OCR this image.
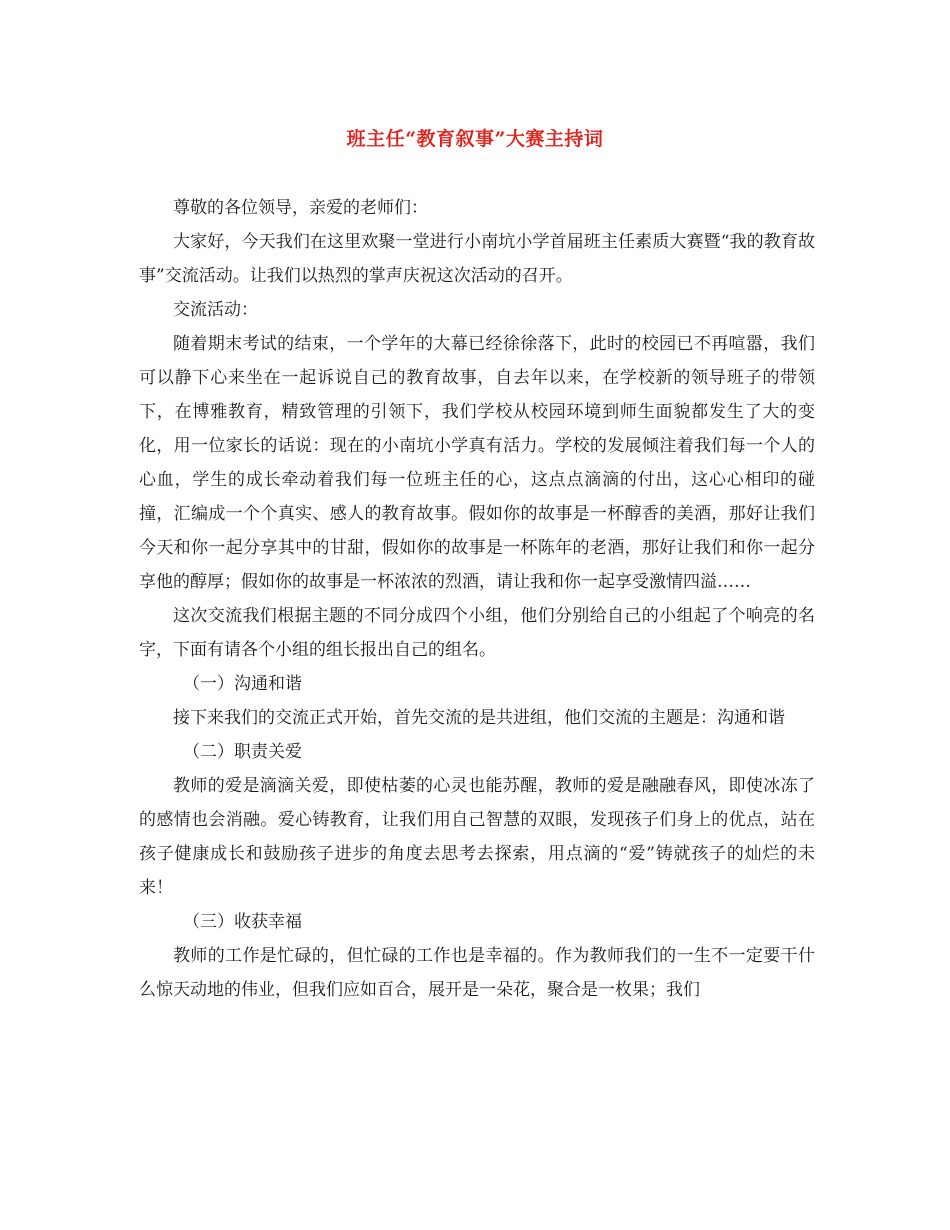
班主任“教育叙事”大赛主持词

尊敬的各位领导，亲爱的老师们：

大家好，今天我们在这里欢聚一堂进行小南坑小学首届班主任素质大赛暨“我的教育故事”交流活动。让我们以热烈的掌声庆祝这次活动的召开。

交流活动：

随着期末考试的结束，一个学年的大幕已经徐徐落下，此时的校园已不再喧嚣，我们可以静下心来坐在一起诉说自己的教育故事，自去年以来，在学校新的领导班子的带领下，在博雅教育，精致管理的引领下，我们学校从校园环境到师生面貌都发生了大的变化，用一位家长的话说：现在的小南坑小学真有活力。学校的发展倾注着我们每一个人的心血，学生的成长牵动着我们每一位班主任的心，这点点滴滴的付出，这心心相印的碰撞，汇编成一个个真实、感人的教育故事。假如你的故事是一杯醇香的美酒，那好让我们今天和你一起分享其中的甘甜，假如你的故事是一杯陈年的老酒，那好让我们和你一起分享他的醇厚；假如你的故事是一杯浓浓的烈酒，请让我和你一起享受激情四溢……

这次交流我们根据主题的不同分成四个小组，他们分别给自己的小组起了个响亮的名字，下面有请各个小组的组长报出自己的组名。

（一）沟通和谐

接下来我们的交流正式开始，首先交流的是共进组，他们交流的主题是：沟通和谐

（二）职责关爱

教师的爱是滴滴关爱，即使枯萎的心灵也能苏醒，教师的爱是融融春风，即使冰冻了的感情也会消融。爱心铸教育，让我们用自己智慧的双眼，发现孩子们身上的优点，站在孩子健康成长和鼓励孩子进步的角度去思考去探索，用点滴的“爱”铸就孩子的灿烂的未来！

（三）收获幸福

教师的工作是忙碌的，但忙碌的工作也是幸福的。作为教师我们的一生不一定要干什么惊天动地的伟业，但我们应如百合，展开是一朵花，聚合是一枚果；我们
